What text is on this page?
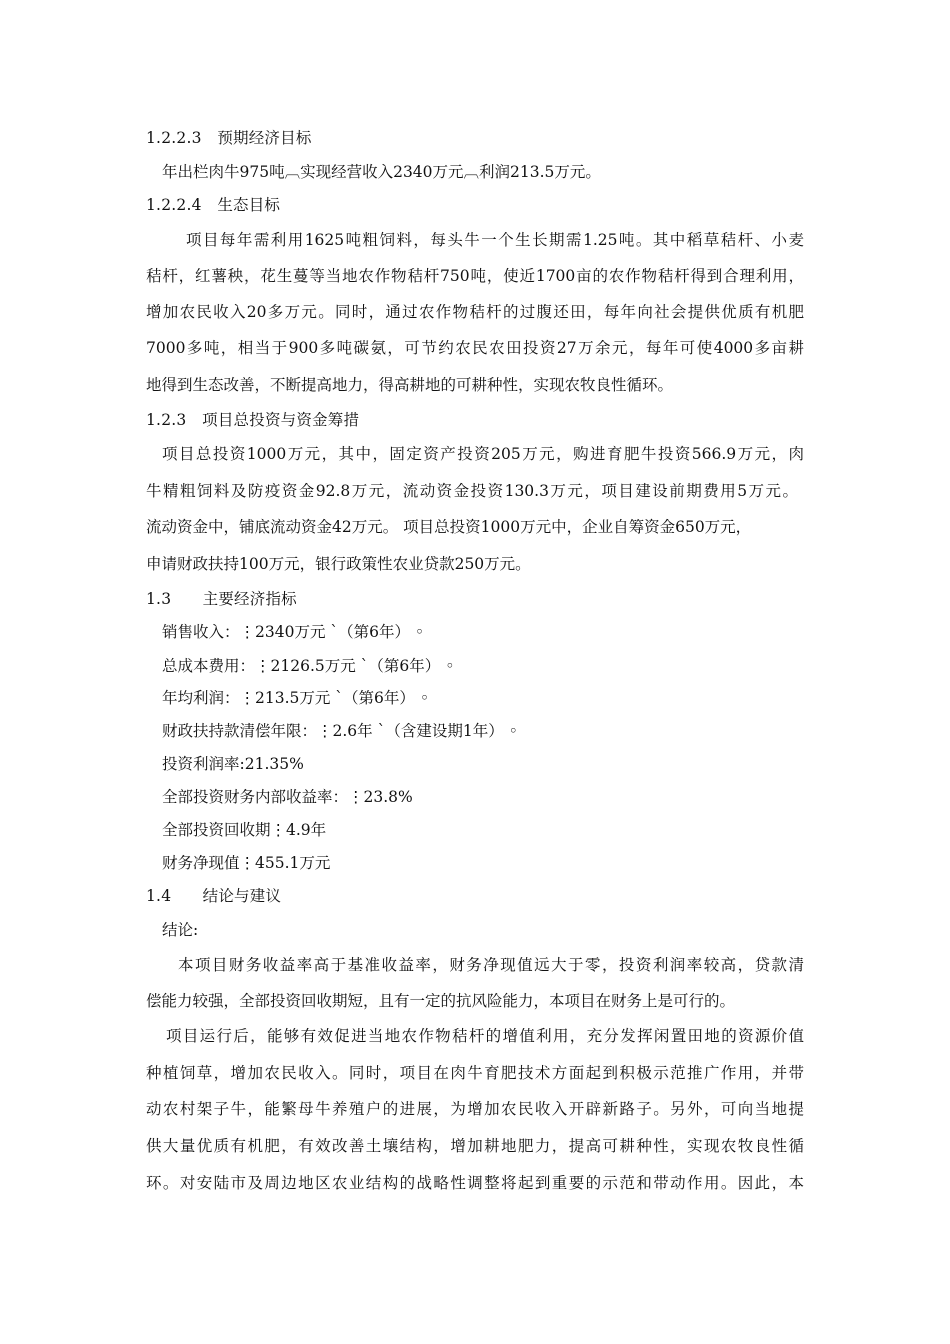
1.2.2.3　预期经济目标
年出栏肉牛975吨︹实现经营收入2340万元︹利润213.5万元。
1.2.2.4　生态目标
项目每年需利用1625吨粗饲料，每头牛一个生长期需1.25吨。其中稻草秸杆、小麦
秸杆，红薯秧，花生蔓等当地农作物秸杆750吨，使近1700亩的农作物秸杆得到合理利用，
增加农民收入20多万元。同时，通过农作物秸杆的过腹还田，每年向社会提供优质有机肥
7000多吨，相当于900多吨碳氨，可节约农民农田投资27万余元，每年可使4000多亩耕
地得到生态改善，不断提高地力，得高耕地的可耕种性，实现农牧良性循环。
1.2.3　项目总投资与资金筹措
项目总投资1000万元，其中，固定资产投资205万元，购进育肥牛投资566.9万元，肉
牛精粗饲料及防疫资金92.8万元，流动资金投资130.3万元，项目建设前期费用5万元。
流动资金中，铺底流动资金42万元。 项目总投资1000万元中，企业自筹资金650万元，
申请财政扶持100万元，银行政策性农业贷款250万元。
1.3　　主要经济指标
销售收入：⋮2340万元 ˋ（第6年） ◦
总成本费用：⋮2126.5万元 ˋ（第6年） ◦
年均利润：⋮213.5万元 ˋ（第6年） ◦
财政扶持款清偿年限：⋮2.6年 ˋ（含建设期1年） ◦
投资利润率:21.35%
全部投资财务内部收益率：⋮23.8%
全部投资回收期⋮4.9年
财务净现值⋮455.1万元
1.4　　结论与建议
结论:
本项目财务收益率高于基准收益率，财务净现值远大于零，投资利润率较高，贷款清
偿能力较强，全部投资回收期短，且有一定的抗风险能力，本项目在财务上是可行的。
项目运行后，能够有效促进当地农作物秸杆的增值利用，充分发挥闲置田地的资源价值
种植饲草，增加农民收入。同时，项目在肉牛育肥技术方面起到积极示范推广作用，并带
动农村架子牛，能繁母牛养殖户的进展，为增加农民收入开辟新路子。另外，可向当地提
供大量优质有机肥，有效改善土壤结构，增加耕地肥力，提高可耕种性，实现农牧良性循
环。对安陆市及周边地区农业结构的战略性调整将起到重要的示范和带动作用。因此，本
